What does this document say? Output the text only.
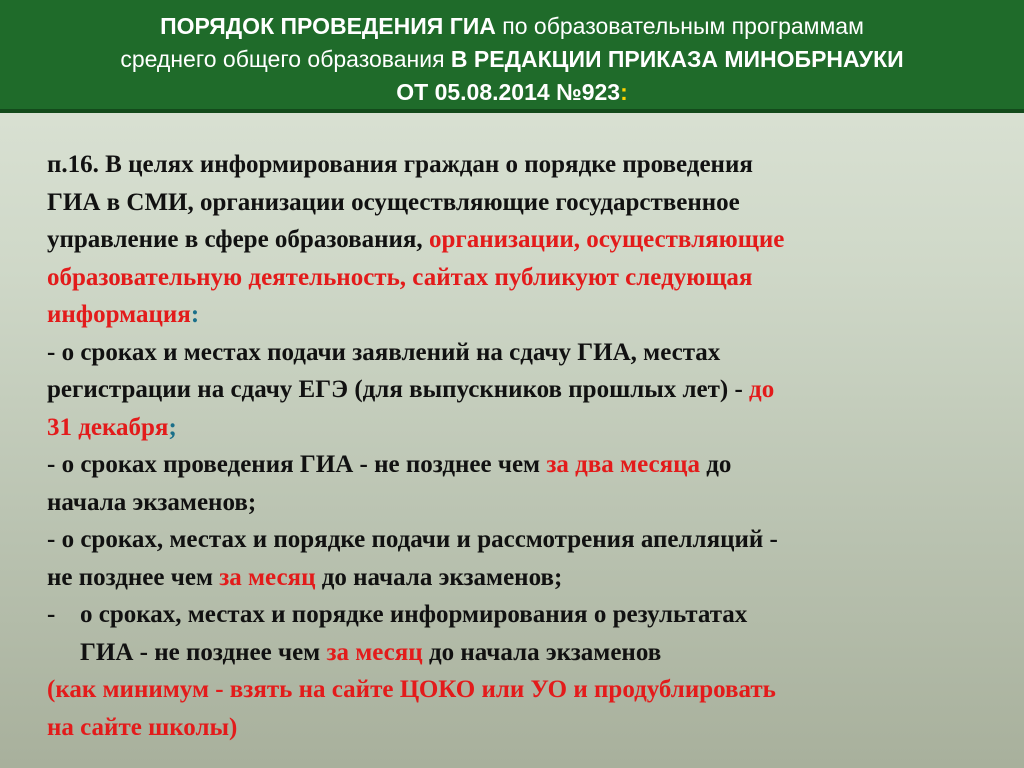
ПОРЯДОК ПРОВЕДЕНИЯ ГИА по образовательным программам
среднего общего образования В РЕДАКЦИИ ПРИКАЗА МИНОБРНАУКИ
ОТ 05.08.2014 №923:
п.16. В целях информирования граждан о порядке проведения
ГИА в СМИ, организации осуществляющие государственное
управление в сфере образования, организации, осуществляющие
образовательную деятельность, сайтах публикуют следующая
информация:
- о сроках и местах подачи заявлений на сдачу ГИА, местах
регистрации на сдачу ЕГЭ (для выпускников прошлых лет) - до
31 декабря;
- о сроках проведения ГИА - не позднее чем за два месяца до
начала экзаменов;
- о сроках, местах и порядке подачи и рассмотрения апелляций -
не позднее чем за месяц до начала экзаменов;
- о сроках, местах и порядке информирования о результатах
ГИА - не позднее чем за месяц до начала экзаменов
(как минимум - взять на сайте ЦОКО или УО и продублировать
на сайте школы)
